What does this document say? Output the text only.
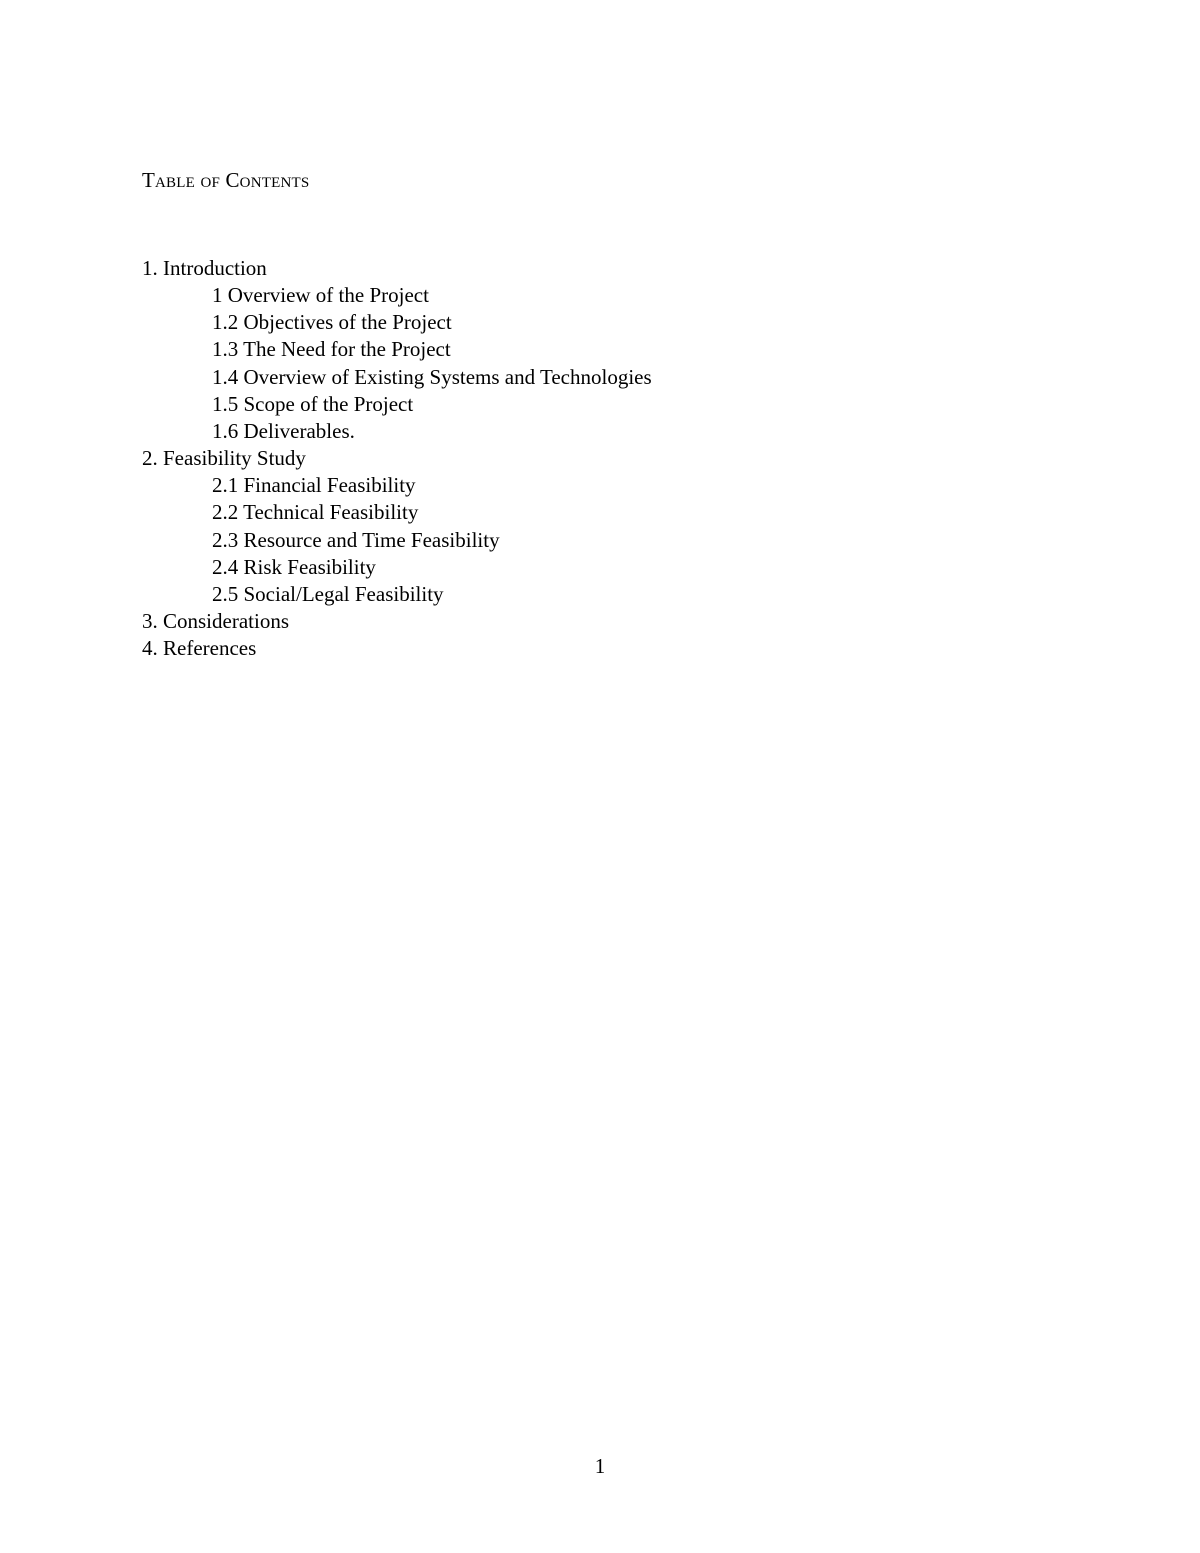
Table of Contents
1. Introduction
1 Overview of the Project
1.2 Objectives of the Project
1.3 The Need for the Project
1.4 Overview of Existing Systems and Technologies
1.5 Scope of the Project
1.6 Deliverables.
2. Feasibility Study
2.1 Financial Feasibility
2.2 Technical Feasibility
2.3 Resource and Time Feasibility
2.4 Risk Feasibility
2.5 Social/Legal Feasibility
3. Considerations
4. References
1
